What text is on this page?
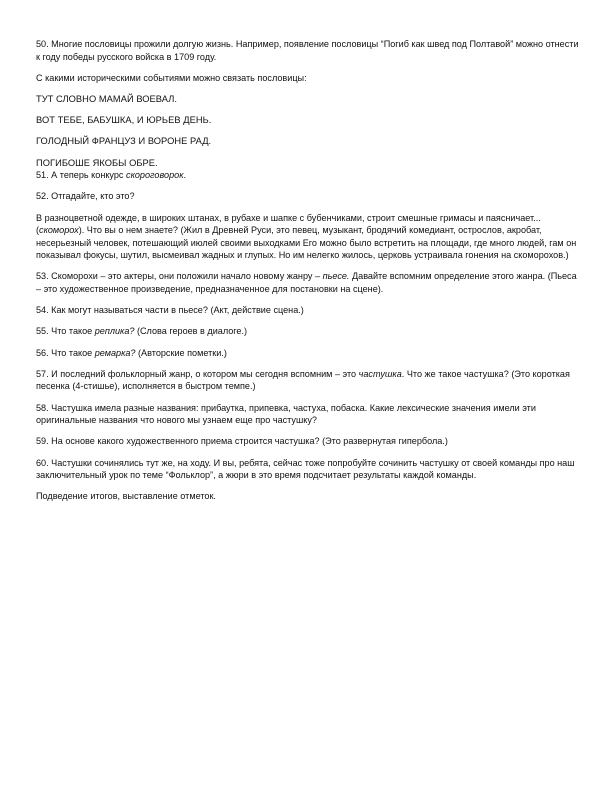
50. Многие пословицы прожили долгую жизнь. Например, появление пословицы “Погиб как швед под Полтавой” можно отнести к году победы русского войска в 1709 году.

С какими историческими событиями можно связать пословицы:

ТУТ СЛОВНО МАМАЙ ВОЕВАЛ.

ВОТ ТЕБЕ, БАБУШКА, И ЮРЬЕВ ДЕНЬ.

ГОЛОДНЫЙ ФРАНЦУЗ И ВОРОНЕ РАД.

ПОГИБОШЕ ЯКОБЫ ОБРЕ.

51. А теперь конкурс скороговорок.

52. Отгадайте, кто это?

В разноцветной одежде, в широких штанах, в рубахе и шапке с бубенчиками, строит смешные гримасы и паясничает... (скоморох). Что вы о нем знаете? (Жил в Древней Руси, это певец, музыкант, бродячий комедиант, острослов, акробат, несерьезный человек, потешающий июлей своими выходками Его можно было встретить на площади, где много людей, гам он показывал фокусы, шутил, высмеивал жадных и глупых. Но им нелегко жилось, церковь устраивала гонения на скоморохов.)

53. Скоморохи – это актеры, они положили начало новому жанру – пьесе. Давайте вспомним определение этого жанра. (Пьеса – это художественное произведение, предназначенное для постановки на сцене).

54. Как могут называться части в пьесе? (Акт, действие сцена.)

55. Что такое реплика? (Слова героев в диалоге.)

56. Что такое ремарка? (Авторские пометки.)

57. И последний фольклорный жанр, о котором мы сегодня вспомним – это частушка. Что же такое частушка? (Это короткая песенка (4-стишье), исполняется в быстром темпе.)

58. Частушка имела разные названия: прибаутка, припевка, частуха, побаска. Какие лексические значения имели эти оригинальные названия что нового мы узнаем еще про частушку?

59. На основе какого художественного приема строится частушка? (Это развернутая гипербола.)

60. Частушки сочинялись тут же, на ходу. И вы, ребята, сейчас тоже попробуйте сочинить частушку от своей команды про наш заключительный урок по теме “Фольклор”, а жюри в это время подсчитает результаты каждой команды.

Подведение итогов, выставление отметок.
